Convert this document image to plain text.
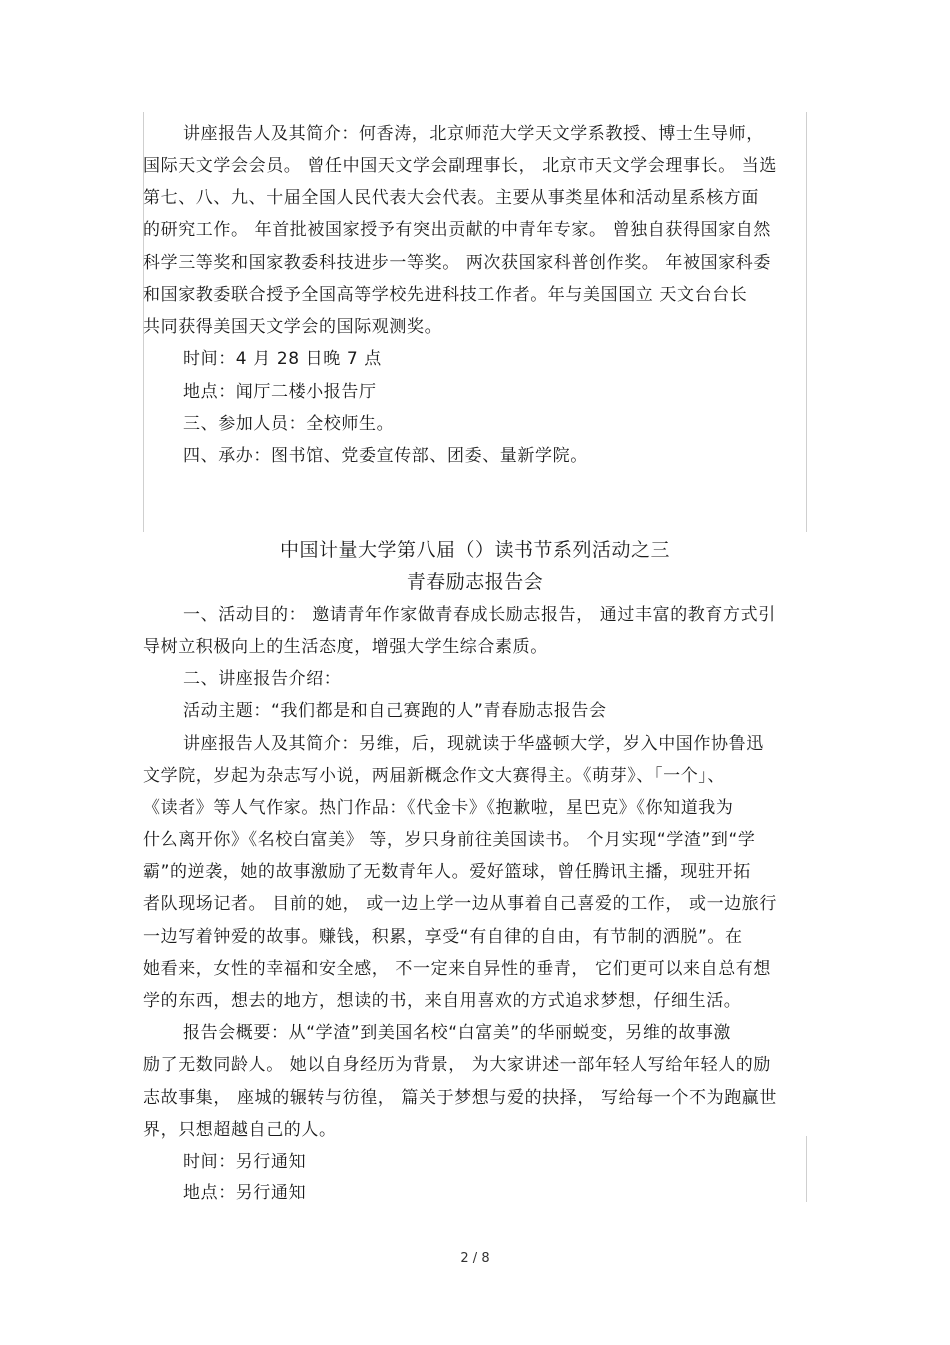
讲座报告人及其简介：何香涛，北京师范大学天文学系教授、博士生导师，
国际天文学会会员。 曾任中国天文学会副理事长， 北京市天文学会理事长。 当选
第七、八、九、十届全国人民代表大会代表。主要从事类星体和活动星系核方面
的研究工作。 年首批被国家授予有突出贡献的中青年专家。 曾独自获得国家自然
科学三等奖和国家教委科技进步一等奖。 两次获国家科普创作奖。 年被国家科委
和国家教委联合授予全国高等学校先进科技工作者。年与美国国立 天文台台长
共同获得美国天文学会的国际观测奖。
时间：4 月 28 日晚 7 点
地点：闻厅二楼小报告厅
三、参加人员：全校师生。
四、承办：图书馆、党委宣传部、团委、量新学院。
中国计量大学第八届（）读书节系列活动之三
青春励志报告会
一、活动目的： 邀请青年作家做青春成长励志报告， 通过丰富的教育方式引
导树立积极向上的生活态度，增强大学生综合素质。
二、讲座报告介绍：
活动主题：“我们都是和自己赛跑的人”青春励志报告会
讲座报告人及其简介：另维，后，现就读于华盛顿大学，岁入中国作协鲁迅
文学院，岁起为杂志写小说，两届新概念作文大赛得主。《萌芽》、「一个」、
《读者》等人气作家。热门作品：《代金卡》《抱歉啦，星巴克》《你知道我为
什么离开你》《名校白富美》 等，岁只身前往美国读书。 个月实现“学渣”到“学
霸”的逆袭，她的故事激励了无数青年人。爱好篮球，曾任腾讯主播，现驻开拓
者队现场记者。 目前的她， 或一边上学一边从事着自己喜爱的工作， 或一边旅行
一边写着钟爱的故事。赚钱，积累，享受“有自律的自由，有节制的洒脱”。在
她看来，女性的幸福和安全感， 不一定来自异性的垂青， 它们更可以来自总有想
学的东西，想去的地方，想读的书，来自用喜欢的方式追求梦想，仔细生活。
报告会概要：从“学渣”到美国名校“白富美”的华丽蜕变，另维的故事激
励了无数同龄人。 她以自身经历为背景， 为大家讲述一部年轻人写给年轻人的励
志故事集， 座城的辗转与彷徨， 篇关于梦想与爱的抉择， 写给每一个不为跑赢世
界，只想超越自己的人。
时间：另行通知
地点：另行通知
2 / 8
